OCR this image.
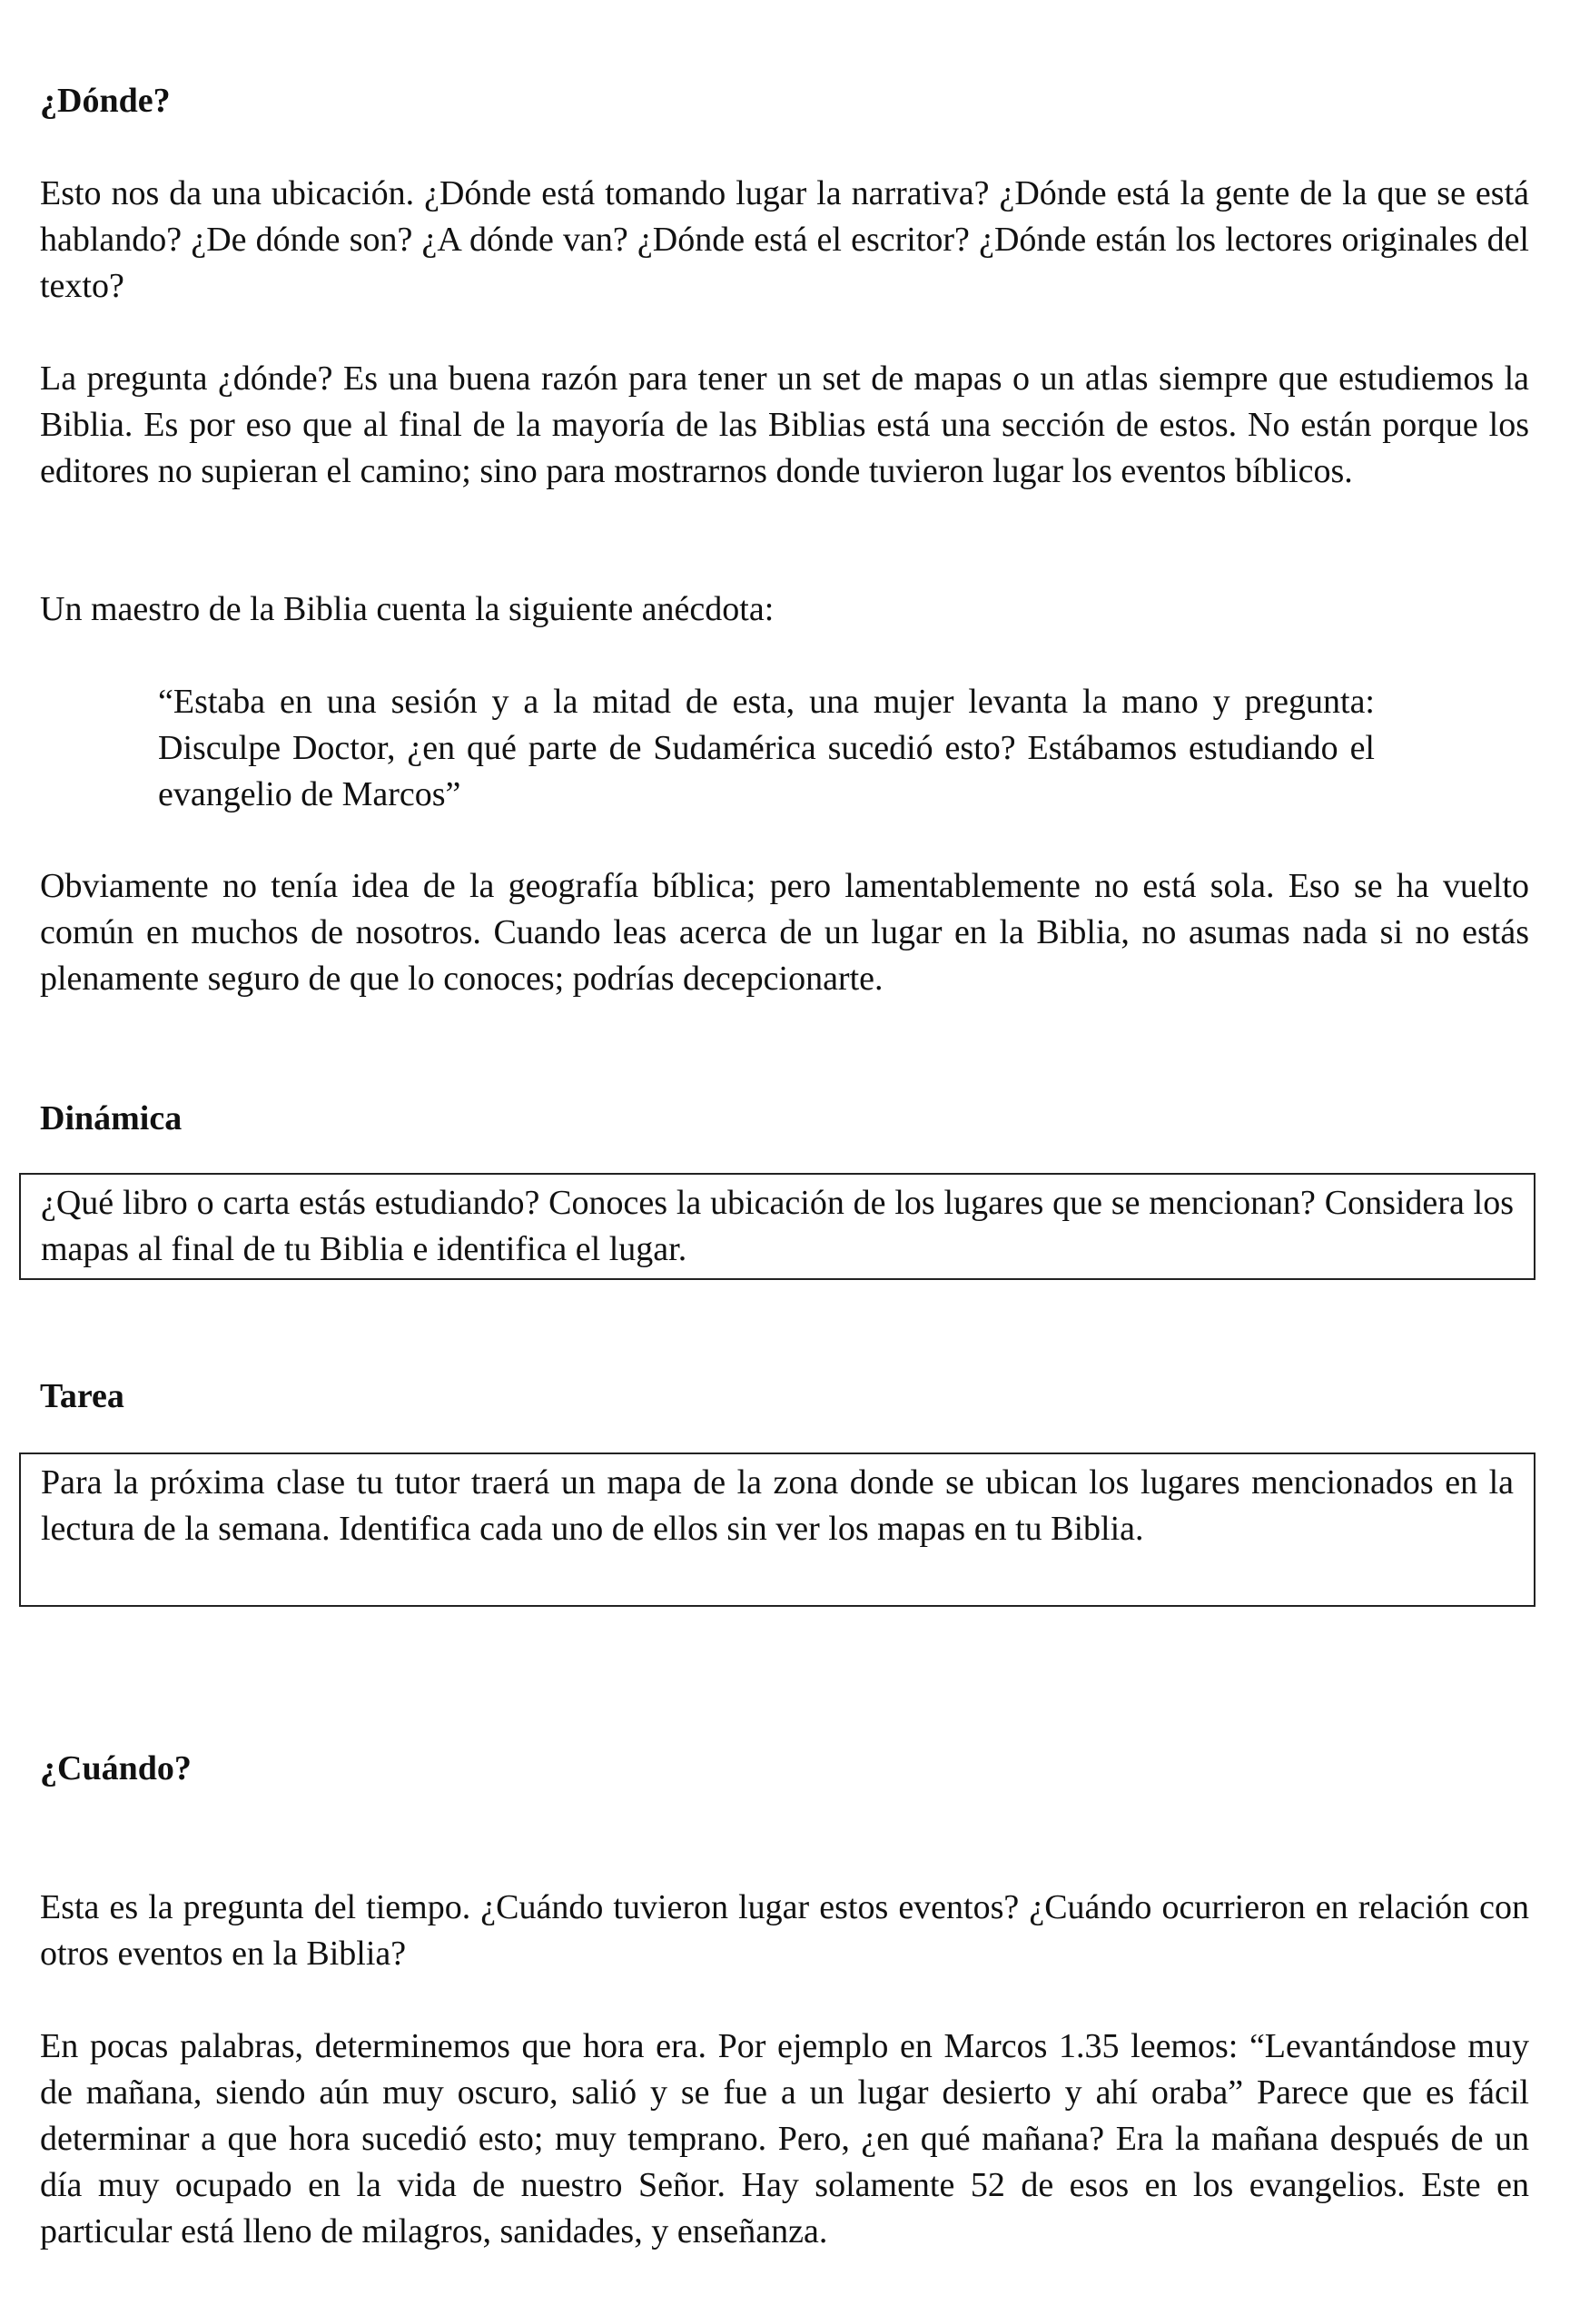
¿Dónde?

Esto nos da una ubicación. ¿Dónde está tomando lugar la narrativa? ¿Dónde está la gente de la que se está hablando? ¿De dónde son? ¿A dónde van? ¿Dónde está el escritor? ¿Dónde están los lectores originales del texto?

La pregunta ¿dónde? Es una buena razón para tener un set de mapas o un atlas siempre que estudiemos la Biblia. Es por eso que al final de la mayoría de las Biblias está una sección de estos. No están porque los editores no supieran el camino; sino para mostrarnos donde tuvieron lugar los eventos bíblicos.

Un maestro de la Biblia cuenta la siguiente anécdota:

“Estaba en una sesión y a la mitad de esta, una mujer levanta la mano y pregunta: Disculpe Doctor, ¿en qué parte de Sudamérica sucedió esto? Estábamos estudiando el evangelio de Marcos”

Obviamente no tenía idea de la geografía bíblica; pero lamentablemente no está sola. Eso se ha vuelto común en muchos de nosotros. Cuando leas acerca de un lugar en la Biblia, no asumas nada si no estás plenamente seguro de que lo conoces; podrías decepcionarte.

Dinámica

¿Qué libro o carta estás estudiando? Conoces la ubicación de los lugares que se mencionan? Considera los mapas al final de tu Biblia e identifica el lugar.

Tarea

Para la próxima clase tu tutor traerá un mapa de la zona donde se ubican los lugares mencionados en la lectura de la semana. Identifica cada uno de ellos sin ver los mapas en tu Biblia.

¿Cuándo?

Esta es la pregunta del tiempo. ¿Cuándo tuvieron lugar estos eventos? ¿Cuándo ocurrieron en relación con otros eventos en la Biblia?

En pocas palabras, determinemos que hora era. Por ejemplo en Marcos 1.35 leemos: “Levantándose muy de mañana, siendo aún muy oscuro, salió y se fue a un lugar desierto y ahí oraba” Parece que es fácil determinar a que hora sucedió esto; muy temprano. Pero, ¿en qué mañana? Era la mañana después de un día muy ocupado en la vida de nuestro Señor. Hay solamente 52 de esos en los evangelios. Este en particular está lleno de milagros, sanidades, y enseñanza.
